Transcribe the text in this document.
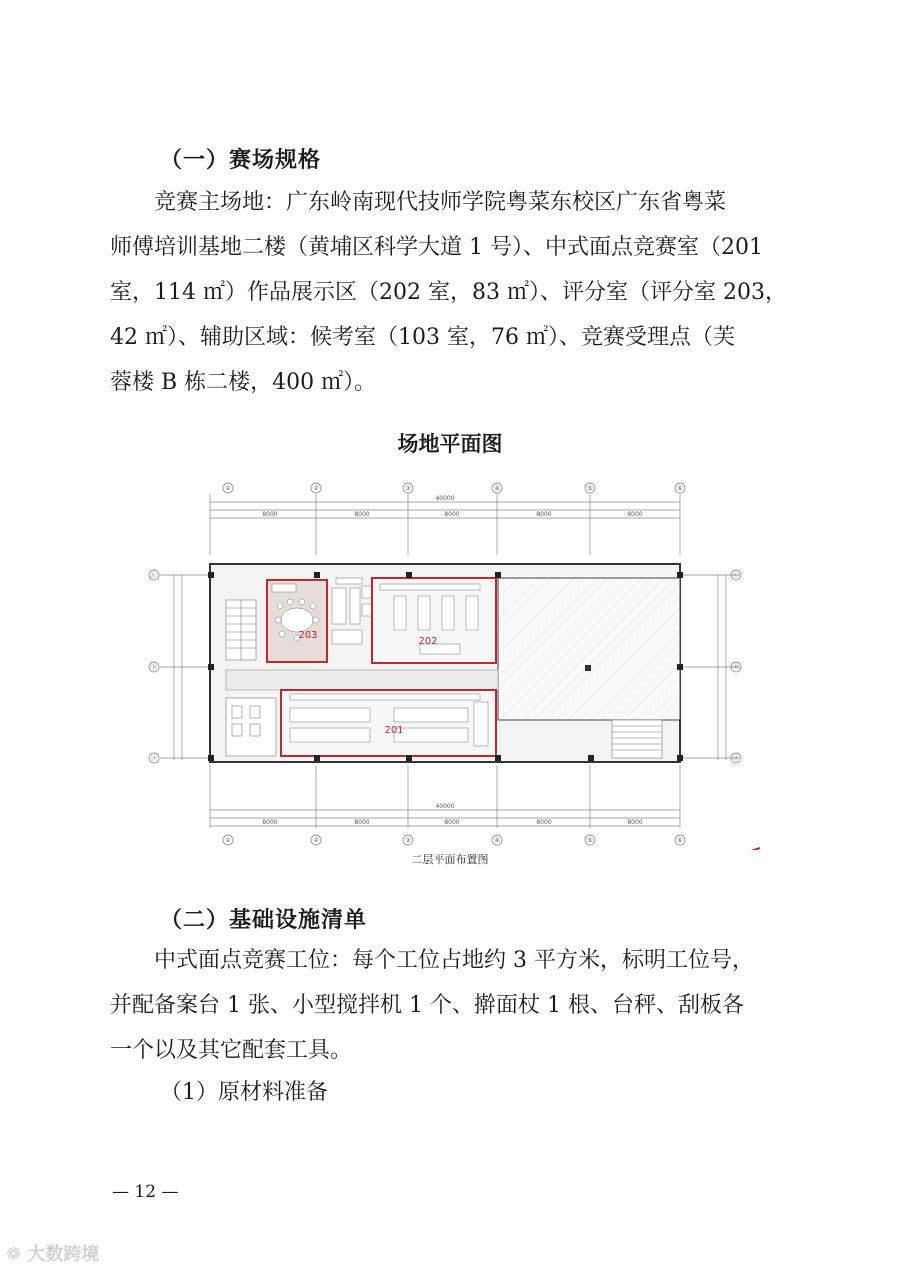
（一）赛场规格

　　竞赛主场地：广东岭南现代技师学院粤菜东校区广东省粤菜

师傅培训基地二楼（黄埔区科学大道 1 号）、中式面点竞赛室（201

室，114 ㎡）作品展示区（202 室，83 ㎡）、评分室（评分室 203，

42 ㎡）、辅助区域：候考室（103 室，76 ㎡）、竞赛受理点（芙

蓉楼 B 栋二楼，400 ㎡）。

场地平面图
①	②	③	④	⑤	⑥
①	②	③	④	⑤	⑥
Ⓒ
Ⓑ
Ⓐ
Ⓒ
Ⓑ
Ⓐ
40000
40000
8000	8000	8000	8000	8000
8000	8000	8000	8000	8000
203
202
201
二层平面布置图
（二）基础设施清单

　　中式面点竞赛工位：每个工位占地约 3 平方米，标明工位号，

并配备案台 1 张、小型搅拌机 1 个、擀面杖 1 根、台秤、刮板各

一个以及其它配套工具。

（1）原材料准备
— 12 —
❁ 大数跨境
